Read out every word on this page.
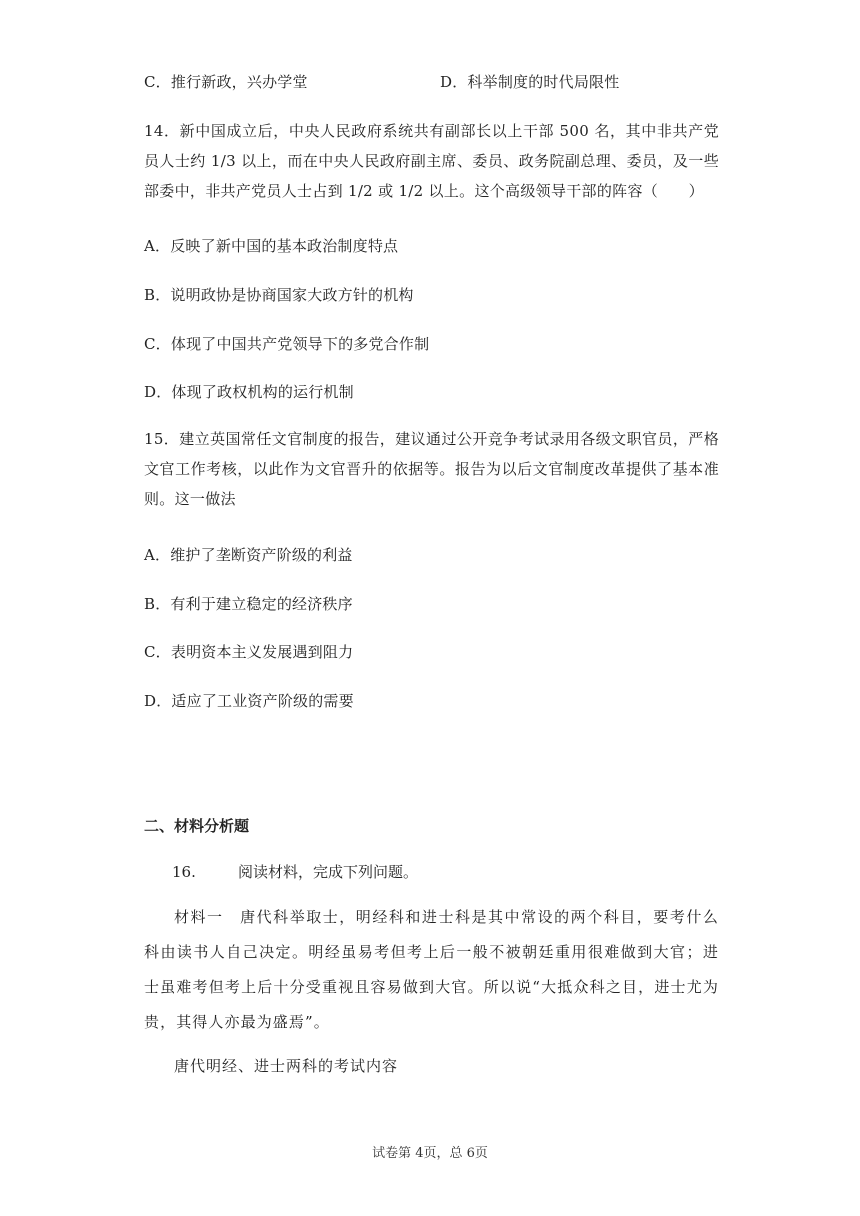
C．推行新政，兴办学堂	D．科举制度的时代局限性
14．新中国成立后，中央人民政府系统共有副部长以上干部 500 名，其中非共产党员人士约 1/3 以上，而在中央人民政府副主席、委员、政务院副总理、委员，及一些部委中，非共产党员人士占到 1/2 或 1/2 以上。这个高级领导干部的阵容（　　）
A．反映了新中国的基本政治制度特点
B．说明政协是协商国家大政方针的机构
C．体现了中国共产党领导下的多党合作制
D．体现了政权机构的运行机制
15．建立英国常任文官制度的报告，建议通过公开竞争考试录用各级文职官员，严格文官工作考核，以此作为文官晋升的依据等。报告为以后文官制度改革提供了基本准则。这一做法
A．维护了垄断资产阶级的利益
B．有利于建立稳定的经济秩序
C．表明资本主义发展遇到阻力
D．适应了工业资产阶级的需要
二、材料分析题
16.	阅读材料，完成下列问题。
材料一　唐代科举取士，明经科和进士科是其中常设的两个科目，要考什么科由读书人自己决定。明经虽易考但考上后一般不被朝廷重用很难做到大官；进士虽难考但考上后十分受重视且容易做到大官。所以说“大抵众科之目，进士尤为贵，其得人亦最为盛焉”。
唐代明经、进士两科的考试内容
试卷第 4页，总 6页
